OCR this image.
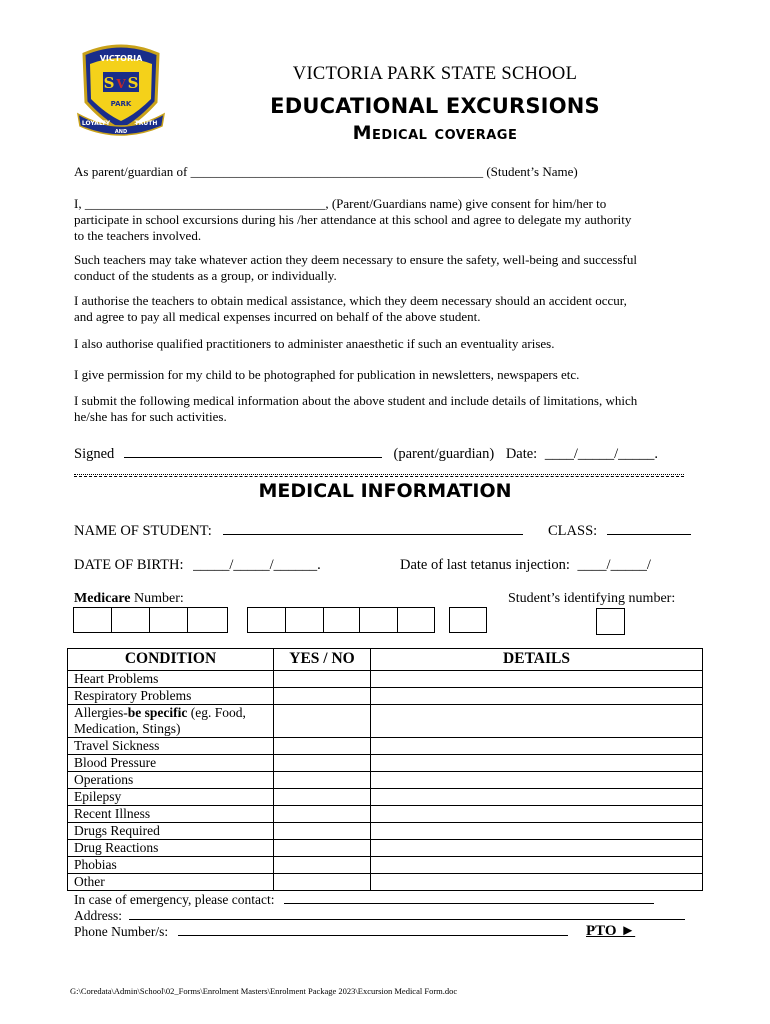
VICTORIA
S S
V
PARK
LOYALTY
AND
TRUTH
VICTORIA PARK STATE SCHOOL
EDUCATIONAL EXCURSIONS
Medical coverage
As parent/guardian of _____________________________________________ (Student’s Name)
I, _____________________________________, (Parent/Guardians name) give consent for him/her to
participate in school excursions during his /her attendance at this school and agree to delegate my authority
to the teachers involved.
Such teachers may take whatever action they deem necessary to ensure the safety, well-being and successful
conduct of the students as a group, or individually.
I authorise the teachers to obtain medical assistance, which they deem necessary should an accident occur,
and agree to pay all medical expenses incurred on behalf of the above student.
I also authorise qualified practitioners to administer anaesthetic if such an eventuality arises.
I give permission for my child to be photographed for publication in newsletters, newspapers etc.
I submit the following medical information about the above student and include details of limitations, which
he/she has for such activities.
Signed	(parent/guardian) Date: ____/_____/_____.
MEDICAL INFORMATION
NAME OF STUDENT:	CLASS:
DATE OF BIRTH: _____/_____/______.	Date of last tetanus injection: ____/_____/
Medicare Number:	Student’s identifying number:
CONDITION	YES / NO	DETAILS
Heart Problems		
Respiratory Problems		
Allergies-be specific (eg. Food,
Medication, Stings)		
Travel Sickness		
Blood Pressure		
Operations		
Epilepsy		
Recent Illness		
Drugs Required		
Drug Reactions		
Phobias		
Other		
In case of emergency, please contact:
Address:
Phone Number/s:	PTO ►
G:\Coredata\Admin\School\02_Forms\Enrolment Masters\Enrolment Package 2023\Excursion Medical Form.doc
